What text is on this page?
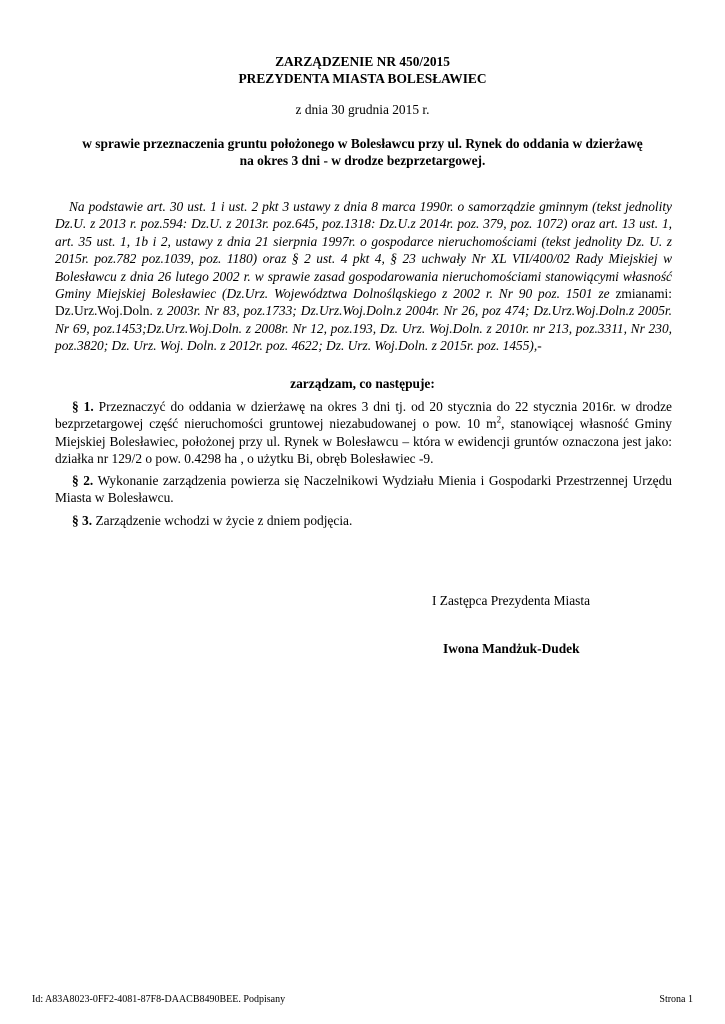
ZARZĄDZENIE NR 450/2015
PREZYDENTA MIASTA BOLESŁAWIEC
z dnia 30 grudnia 2015 r.
w sprawie przeznaczenia gruntu położonego w Bolesławcu przy ul. Rynek do oddania w dzierżawę
na okres 3 dni - w drodze bezprzetargowej.
Na podstawie art. 30 ust. 1 i ust. 2 pkt 3 ustawy z dnia 8 marca 1990r. o samorządzie gminnym (tekst jednolity Dz.U. z 2013 r. poz.594: Dz.U. z 2013r. poz.645, poz.1318: Dz.U.z 2014r. poz. 379, poz. 1072) oraz art. 13 ust. 1, art. 35 ust. 1, 1b i 2, ustawy z dnia 21 sierpnia 1997r. o gospodarce nieruchomościami (tekst jednolity Dz. U. z 2015r. poz.782 poz.1039, poz. 1180) oraz § 2 ust. 4 pkt 4, § 23 uchwały Nr XL VII/400/02 Rady Miejskiej w Bolesławcu z dnia 26 lutego 2002 r. w sprawie zasad gospodarowania nieruchomościami stanowiącymi własność Gminy Miejskiej Bolesławiec (Dz.Urz. Województwa Dolnośląskiego z 2002 r. Nr 90 poz. 1501 ze zmianami: Dz.Urz.Woj.Doln. z 2003r. Nr 83, poz.1733; Dz.Urz.Woj.Doln.z 2004r. Nr 26, poz 474; Dz.Urz.Woj.Doln.z 2005r. Nr 69, poz.1453;Dz.Urz.Woj.Doln. z 2008r. Nr 12, poz.193, Dz. Urz. Woj.Doln. z 2010r. nr 213, poz.3311, Nr 230, poz.3820; Dz. Urz. Woj. Doln. z 2012r. poz. 4622; Dz. Urz. Woj.Doln. z 2015r. poz. 1455),-
zarządzam, co następuje:
§ 1. Przeznaczyć do oddania w dzierżawę na okres 3 dni tj. od 20 stycznia do 22 stycznia 2016r. w drodze bezprzetargowej część nieruchomości gruntowej niezabudowanej o pow. 10 $m^2$, stanowiącej własność Gminy Miejskiej Bolesławiec, położonej przy ul. Rynek w Bolesławcu – która w ewidencji gruntów oznaczona jest jako: działka nr 129/2 o pow. 0.4298 ha , o użytku Bi, obręb Bolesławiec -9.
§ 2. Wykonanie zarządzenia powierza się Naczelnikowi Wydziału Mienia i Gospodarki Przestrzennej Urzędu Miasta w Bolesławcu.
§ 3. Zarządzenie wchodzi w życie z dniem podjęcia.
I Zastępca Prezydenta Miasta
Iwona Mandżuk-Dudek
Id: A83A8023-0FF2-4081-87F8-DAACB8490BEE. Podpisany	Strona 1
